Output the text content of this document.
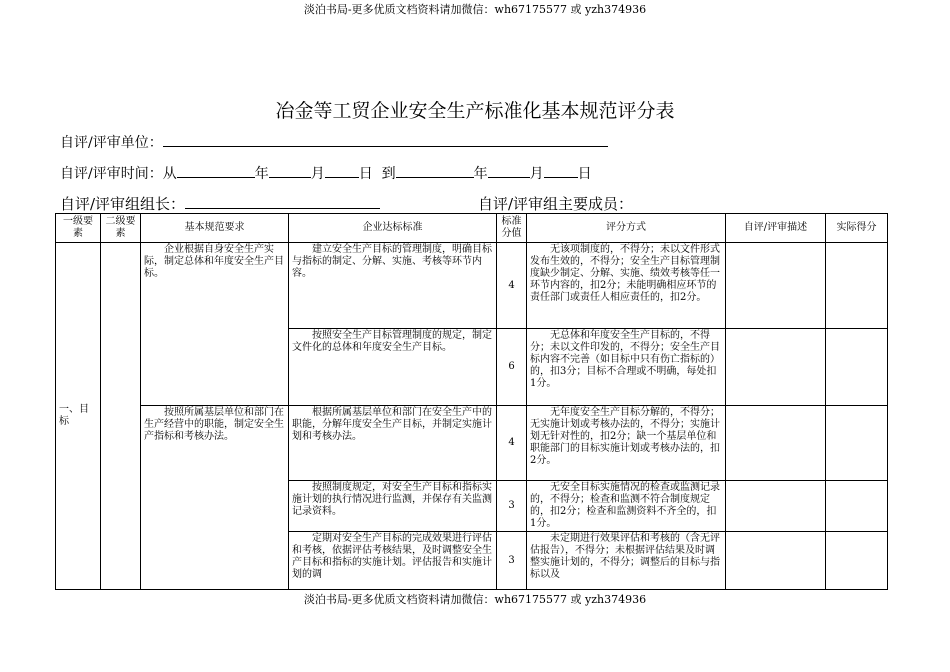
淡泊书局-更多优质文档资料请加微信：wh67175577 或 yzh374936
冶金等工贸企业安全生产标准化基本规范评分表
自评/评审单位：
自评/评审时间：从	年	月 日 到	年	月 日
自评/评审组组长：	自评/评审组主要成员：
一级要素	二级要素	基本规范要求	企业达标标准	标准分值	评分方式	自评/评审描述	实际得分
一、目标		企业根据自身安全生产实际，制定总体和年度安全生产目标。	建立安全生产目标的管理制度，明确目标与指标的制定、分解、实施、考核等环节内容。	4	无该项制度的，不得分；未以文件形式发布生效的，不得分；安全生产目标管理制度缺少制定、分解、实施、绩效考核等任一环节内容的，扣2分；未能明确相应环节的责任部门或责任人相应责任的，扣2分。		
			按照安全生产目标管理制度的规定，制定文件化的总体和年度安全生产目标。	6	无总体和年度安全生产目标的，不得分；未以文件印发的，不得分；安全生产目标内容不完善（如目标中只有伤亡指标的）的，扣3分；目标不合理或不明确，每处扣1分。		
		按照所属基层单位和部门在生产经营中的职能，制定安全生产指标和考核办法。	根据所属基层单位和部门在安全生产中的职能，分解年度安全生产目标，并制定实施计划和考核办法。	4	无年度安全生产目标分解的，不得分；无实施计划或考核办法的，不得分；实施计划无针对性的，扣2分；缺一个基层单位和职能部门的目标实施计划或考核办法的，扣2分。		
			按照制度规定，对安全生产目标和指标实施计划的执行情况进行监测，并保存有关监测记录资料。	3	无安全目标实施情况的检查或监测记录的，不得分；检查和监测不符合制度规定的，扣2分；检查和监测资料不齐全的，扣1分。		
			定期对安全生产目标的完成效果进行评估和考核，依据评估考核结果，及时调整安全生产目标和指标的实施计划。评估报告和实施计划的调	3	未定期进行效果评估和考核的（含无评估报告），不得分；未根据评估结果及时调整实施计划的，不得分；调整后的目标与指标以及		
淡泊书局-更多优质文档资料请加微信：wh67175577 或 yzh374936
